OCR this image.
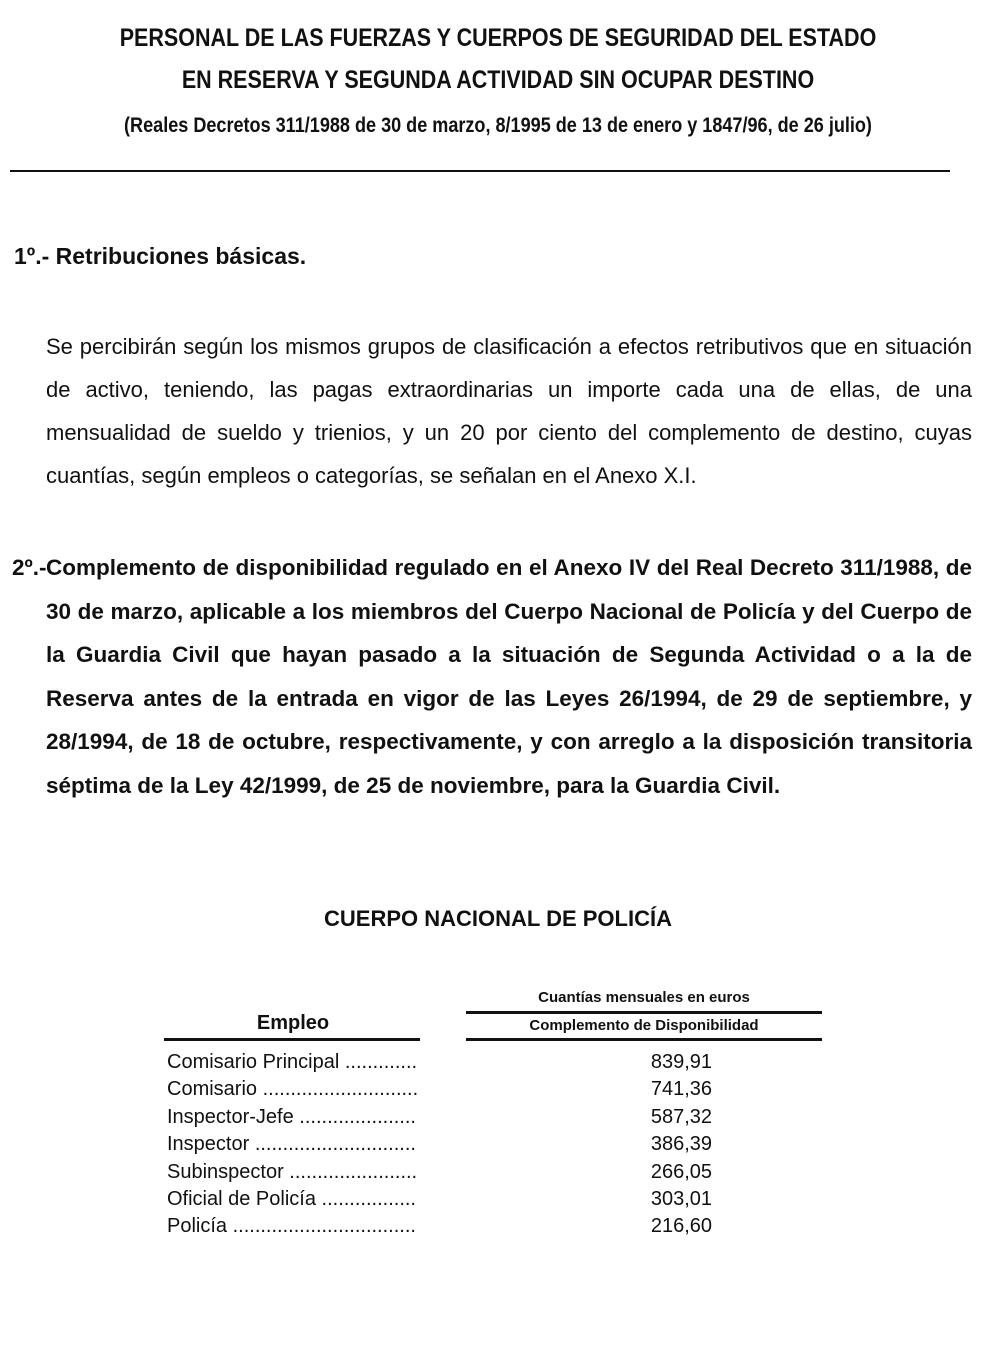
PERSONAL DE LAS FUERZAS Y CUERPOS DE SEGURIDAD DEL ESTADO
EN RESERVA Y SEGUNDA ACTIVIDAD SIN OCUPAR DESTINO
(Reales Decretos 311/1988 de 30 de marzo, 8/1995 de 13 de enero y 1847/96, de 26 julio)
1º.- Retribuciones básicas.

Se percibirán según los mismos grupos de clasificación a efectos retributivos que en situación de activo, teniendo, las pagas extraordinarias un importe cada una de ellas, de una mensualidad de sueldo y trienios, y un 20 por ciento del complemento de destino, cuyas cuantías, según empleos o categorías, se señalan en el Anexo X.I.

2º.-Complemento de disponibilidad regulado en el Anexo IV del Real Decreto 311/1988, de 30 de marzo, aplicable a los miembros del Cuerpo Nacional de Policía y del Cuerpo de la Guardia Civil que hayan pasado a la situación de Segunda Actividad o a la de Reserva antes de la entrada en vigor de las Leyes 26/1994, de 29 de septiembre, y 28/1994, de 18 de octubre, respectivamente, y con arreglo a la disposición transitoria séptima de la Ley 42/1999, de 25 de noviembre, para la Guardia Civil.

CUERPO NACIONAL DE POLICÍA
Cuantías mensuales en euros
Empleo	Complemento de Disponibilidad
Comisario Principal .....	839,91
Comisario .....	741,36
Inspector-Jefe .....	587,32
Inspector .....	386,39
Subinspector .....	266,05
Oficial de Policía .....	303,01
Policía .....	216,60
